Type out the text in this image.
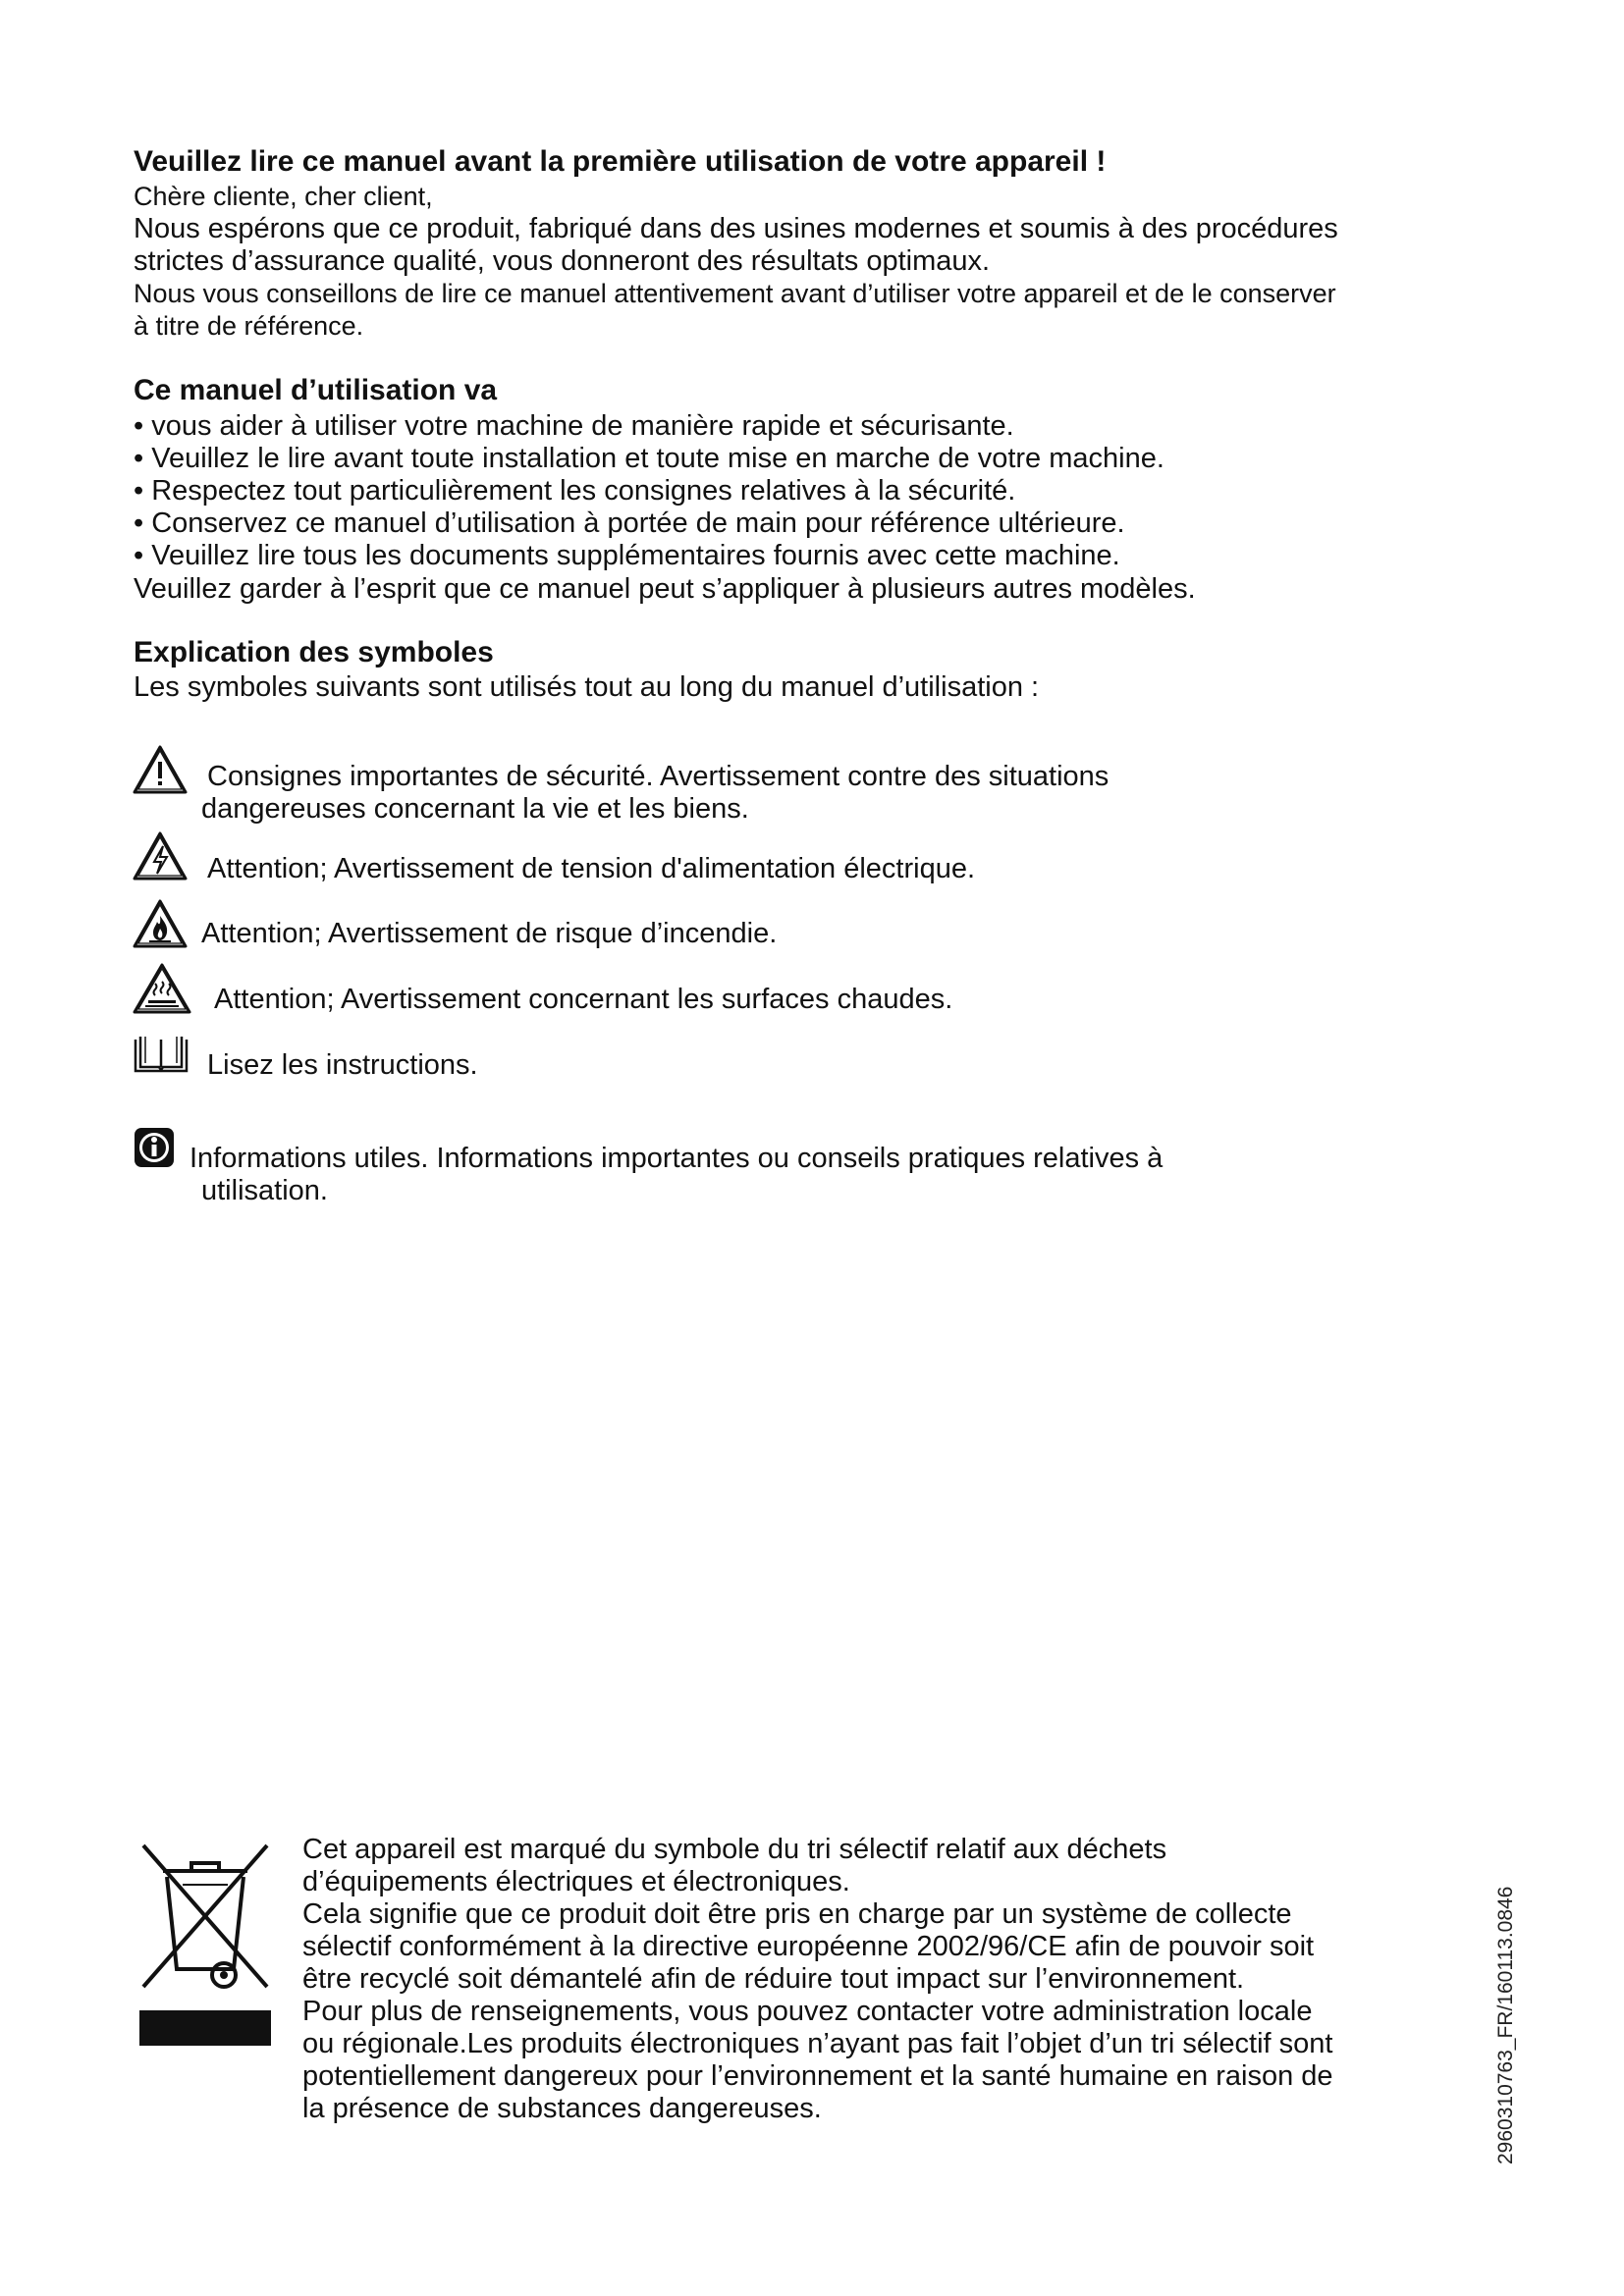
Veuillez lire ce manuel avant la première utilisation de votre appareil !
Chère cliente, cher client,
Nous espérons que ce produit, fabriqué dans des usines modernes et soumis à des procédures
strictes d’assurance qualité, vous donneront des résultats optimaux.
Nous vous conseillons de lire ce manuel attentivement avant d’utiliser votre appareil et de le conserver
à titre de référence.
Ce manuel d’utilisation va
• vous aider à utiliser votre machine de manière rapide et sécurisante.
• Veuillez le lire avant toute installation et toute mise en marche de votre machine.
• Respectez tout particulièrement les consignes relatives à la sécurité.
• Conservez ce manuel d’utilisation à portée de main pour référence ultérieure.
• Veuillez lire tous les documents supplémentaires fournis avec cette machine.
Veuillez garder à l’esprit que ce manuel peut s’appliquer à plusieurs autres modèles.
Explication des symboles
Les symboles suivants sont utilisés tout au long du manuel d’utilisation :
Consignes importantes de sécurité. Avertissement contre des situations
dangereuses concernant la vie et les biens.
Attention; Avertissement de tension d'alimentation électrique.
Attention; Avertissement de risque d’incendie.
Attention; Avertissement concernant les surfaces chaudes.
Lisez les instructions.
Informations utiles. Informations importantes ou conseils pratiques relatives à
utilisation.
Cet appareil est marqué du symbole du tri sélectif relatif aux déchets
d’équipements électriques et électroniques.
Cela signifie que ce produit doit être pris en charge par un système de collecte
sélectif conformément à la directive européenne 2002/96/CE afin de pouvoir soit
être recyclé soit démantelé afin de réduire tout impact sur l’environnement.
Pour plus de renseignements, vous pouvez contacter votre administration locale
ou régionale.Les produits électroniques n’ayant pas fait l’objet d’un tri sélectif sont
potentiellement dangereux pour l’environnement et la santé humaine en raison de
la présence de substances dangereuses.	2960310763_FR/160113.0846
